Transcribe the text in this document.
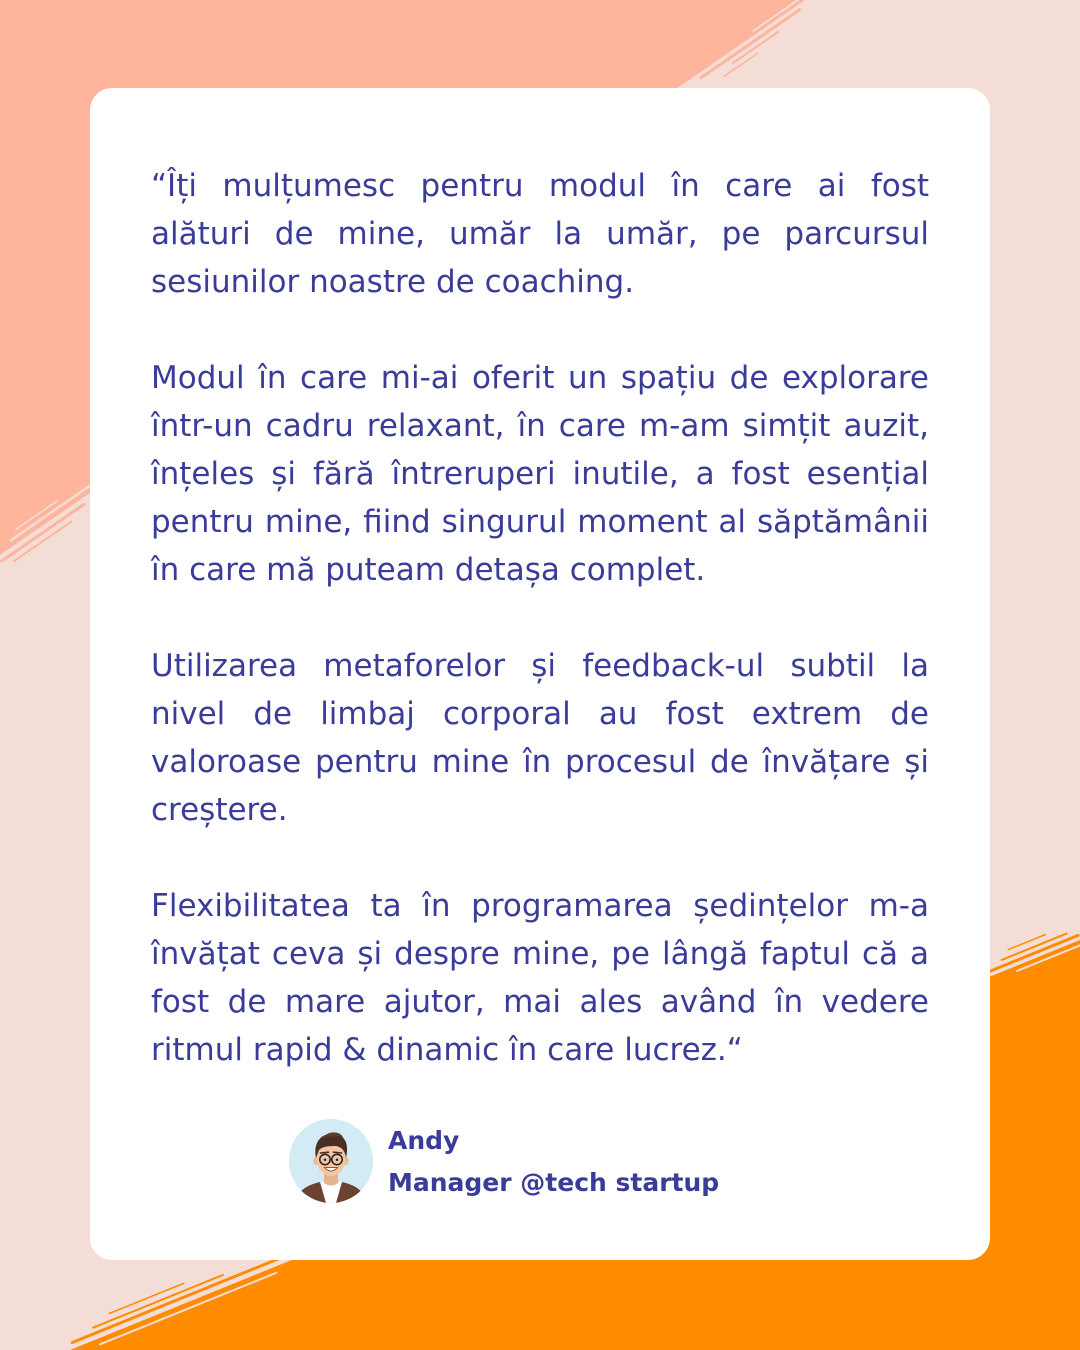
“Îți mulțumesc pentru modul în care ai fost
alături de mine, umăr la umăr, pe parcursul
sesiunilor noastre de coaching.
Modul în care mi-ai oferit un spațiu de explorare
într-un cadru relaxant, în care m-am simțit auzit,
înțeles și fără întreruperi inutile, a fost esențial
pentru mine, fiind singurul moment al săptămânii
în care mă puteam detașa complet.
Utilizarea metaforelor și feedback-ul subtil la
nivel de limbaj corporal au fost extrem de
valoroase pentru mine în procesul de învățare și
creștere.
Flexibilitatea ta în programarea ședințelor m-a
învățat ceva și despre mine, pe lângă faptul că a
fost de mare ajutor, mai ales având în vedere
ritmul rapid & dinamic în care lucrez.“
Andy
Manager @tech startup
